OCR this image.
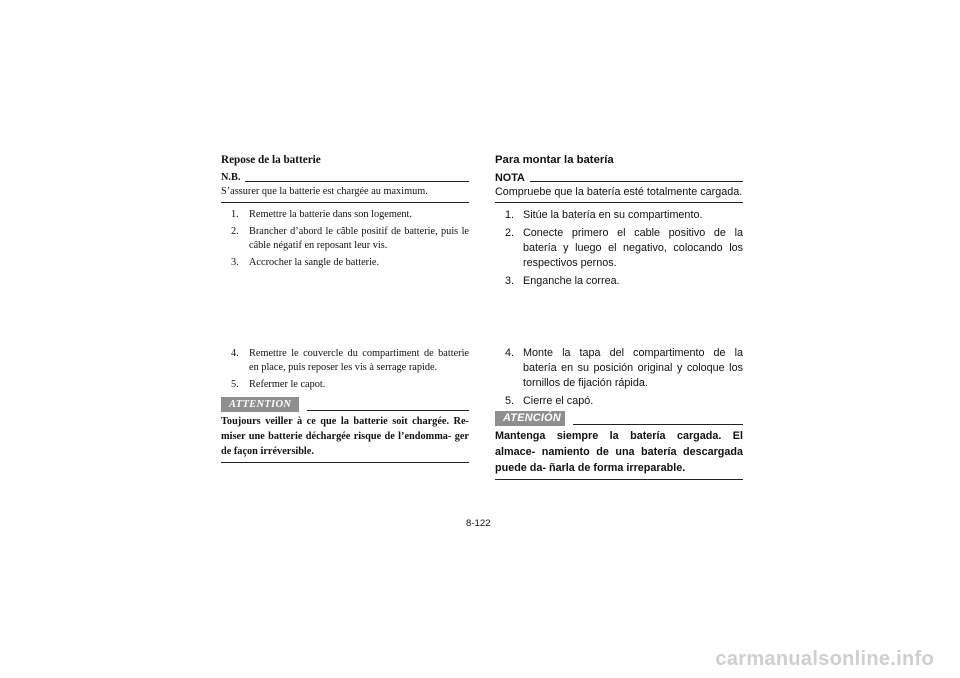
Repose de la batterie
N.B.
S’assurer que la batterie est chargée au maximum.
1. Remettre la batterie dans son logement.
2. Brancher d’abord le câble positif de batterie, puis le câble négatif en reposant leur vis.
3. Accrocher la sangle de batterie.
4. Remettre le couvercle du compartiment de batterie en place, puis reposer les vis à serrage rapide.
5. Refermer le capot.
ATTENTION
Toujours veiller à ce que la batterie soit chargée. Re- miser une batterie déchargée risque de l’endomma- ger de façon irréversible.
Para montar la batería
NOTA
Compruebe que la batería esté totalmente cargada.
1. Sitúe la batería en su compartimento.
2. Conecte primero el cable positivo de la batería y luego el negativo, colocando los respectivos pernos.
3. Enganche la correa.
4. Monte la tapa del compartimento de la batería en su posición original y coloque los tornillos de fijación rápida.
5. Cierre el capó.
ATENCIÓN
Mantenga siempre la batería cargada. El almace- namiento de una batería descargada puede da- ñarla de forma irreparable.
8-122
carmanualsonline.info
